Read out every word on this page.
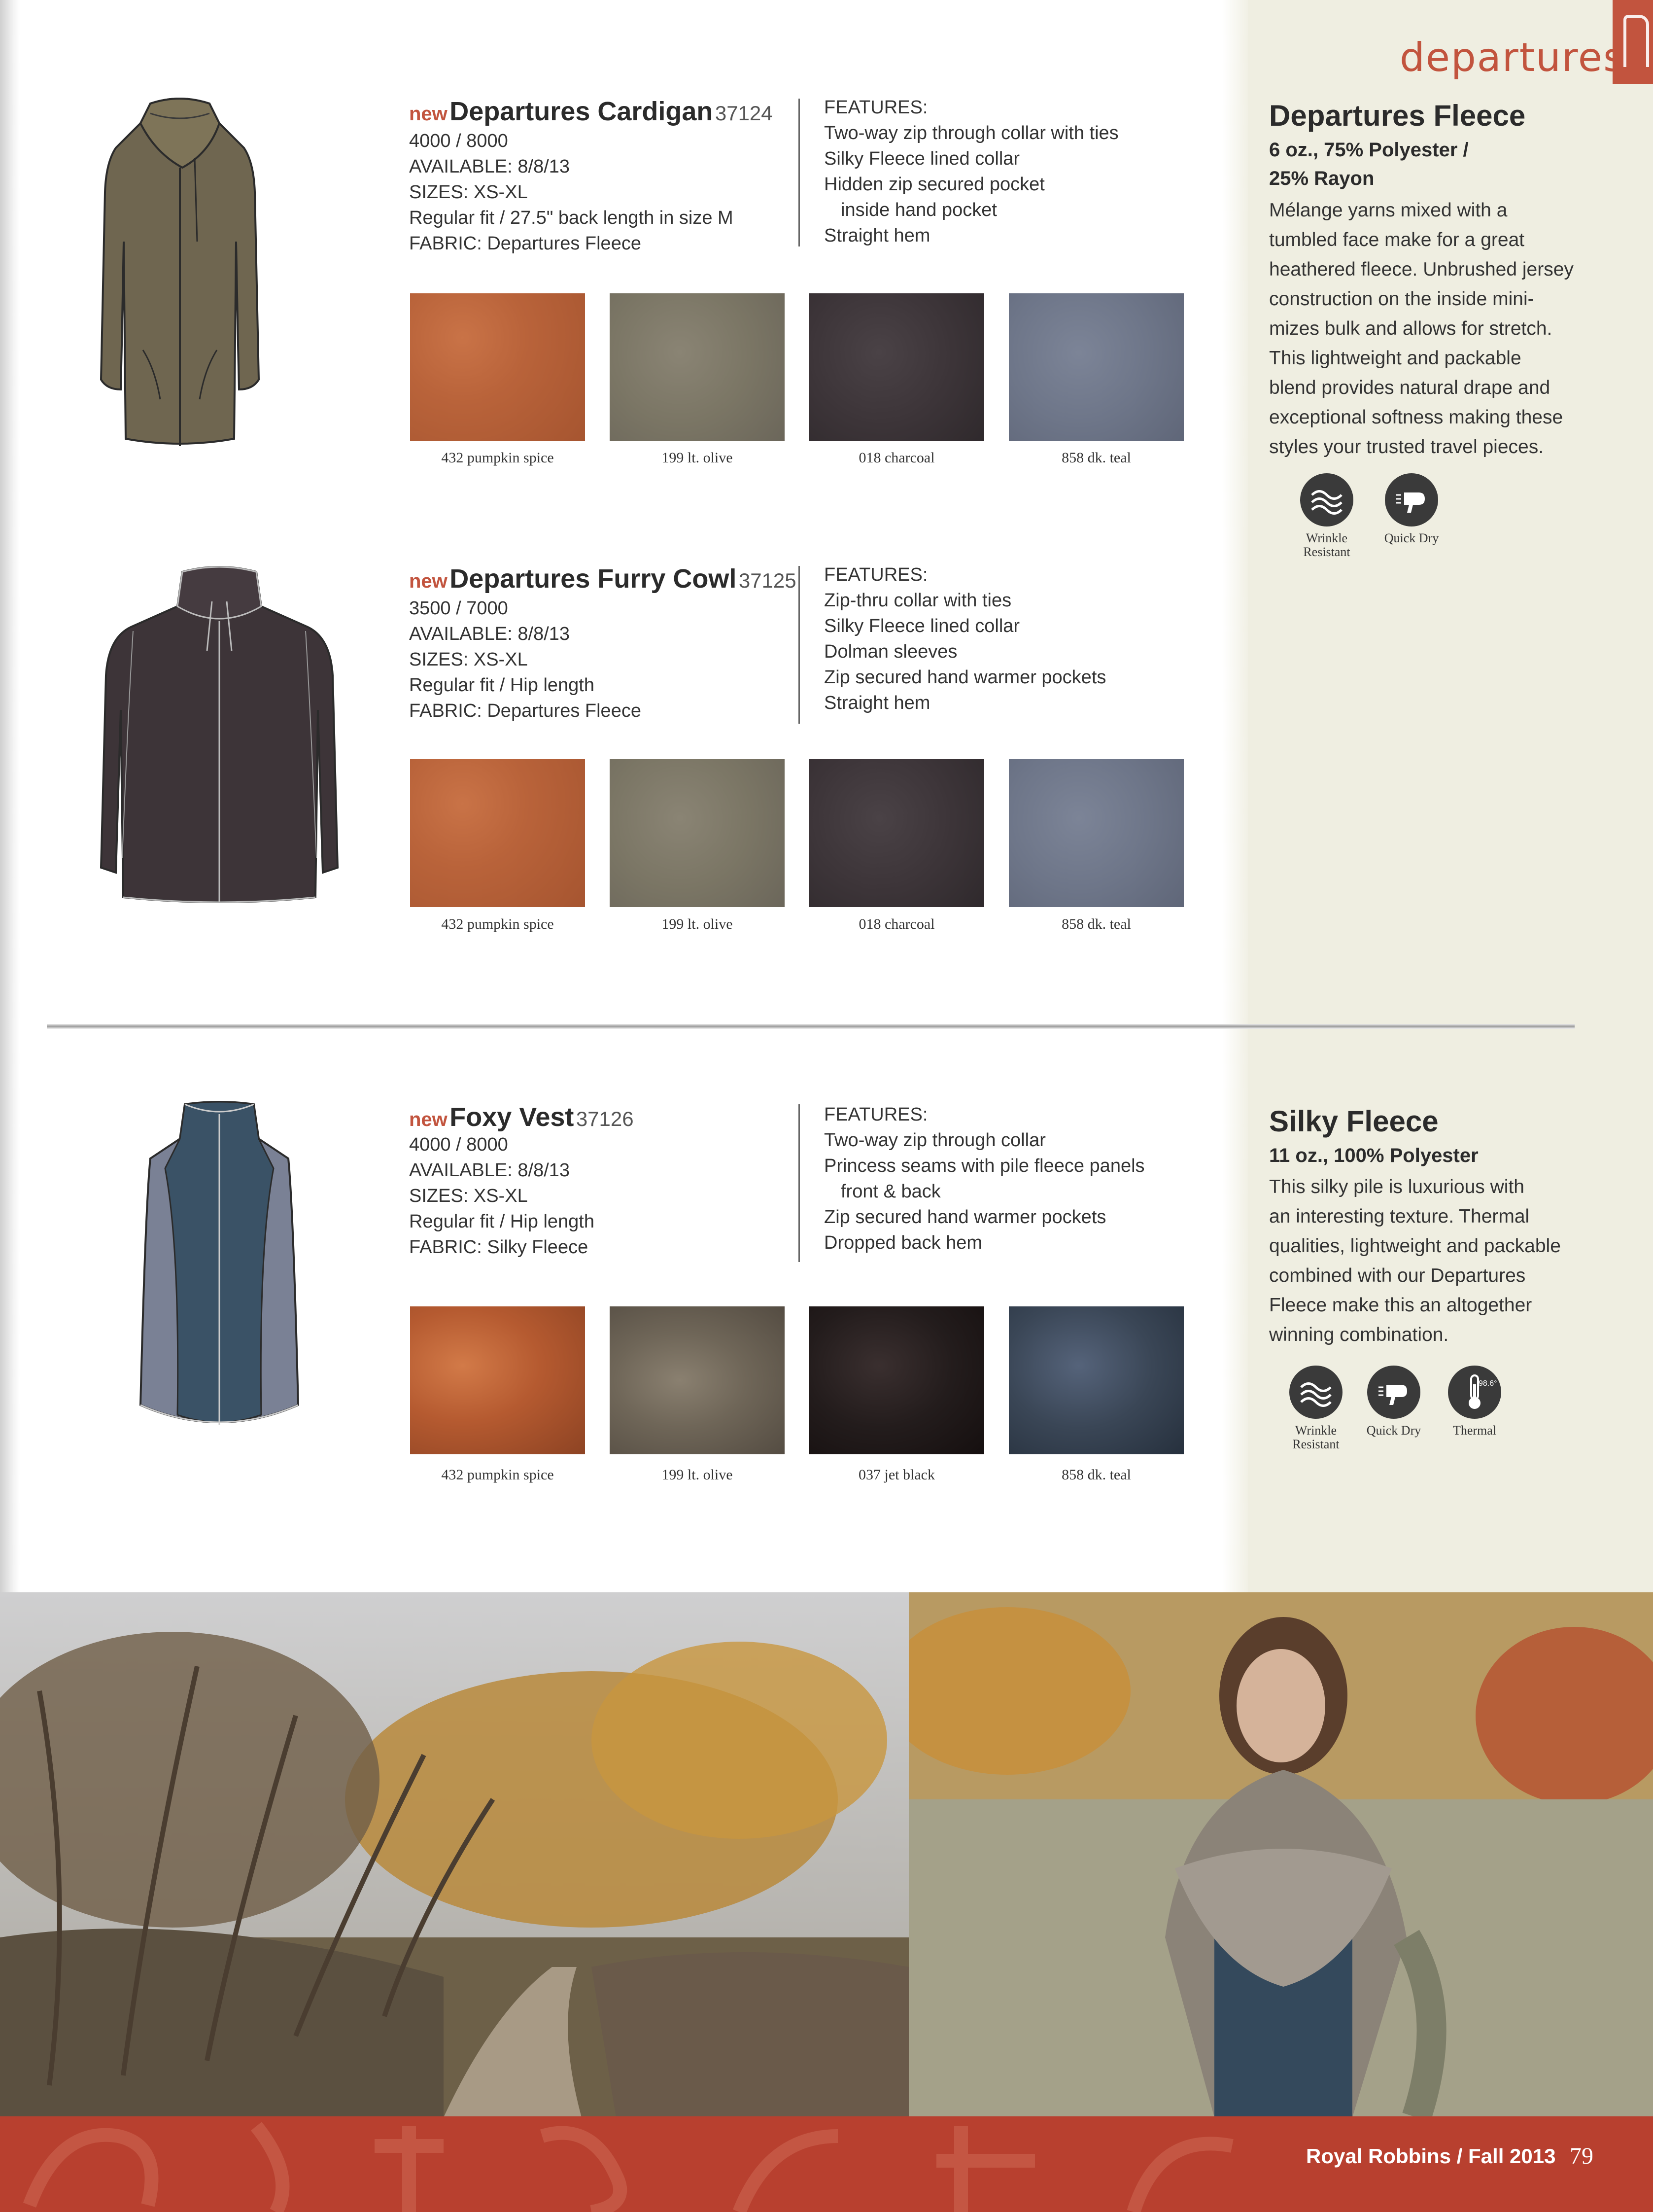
departures
new Departures Cardigan 37124
4000 / 8000
AVAILABLE: 8/8/13
SIZES: XS-XL
Regular fit / 27.5" back length in size M
FABRIC: Departures Fleece
FEATURES:
Two-way zip through collar with ties
Silky Fleece lined collar
Hidden zip secured pocket
inside hand pocket
Straight hem
432 pumpkin spice	199 lt. olive	018 charcoal	858 dk. teal
new Departures Furry Cowl 37125
3500 / 7000
AVAILABLE: 8/8/13
SIZES: XS-XL
Regular fit / Hip length
FABRIC: Departures Fleece
FEATURES:
Zip-thru collar with ties
Silky Fleece lined collar
Dolman sleeves
Zip secured hand warmer pockets
Straight hem
432 pumpkin spice	199 lt. olive	018 charcoal	858 dk. teal
new Foxy Vest 37126
4000 / 8000
AVAILABLE: 8/8/13
SIZES: XS-XL
Regular fit / Hip length
FABRIC: Silky Fleece
FEATURES:
Two-way zip through collar
Princess seams with pile fleece panels
front & back
Zip secured hand warmer pockets
Dropped back hem
432 pumpkin spice	199 lt. olive	037 jet black	858 dk. teal
Departures Fleece
6 oz., 75% Polyester /
25% Rayon
Mélange yarns mixed with a
tumbled face make for a great
heathered fleece. Unbrushed jersey
construction on the inside mini-
mizes bulk and allows for stretch.
This lightweight and packable
blend provides natural drape and
exceptional softness making these
styles your trusted travel pieces.
Wrinkle
Resistant
Quick Dry
Silky Fleece
11 oz., 100% Polyester
This silky pile is luxurious with
an interesting texture. Thermal
qualities, lightweight and packable
combined with our Departures
Fleece make this an altogether
winning combination.
98.6°
Wrinkle
Resistant
Quick Dry	Thermal
Royal Robbins / Fall 2013 79
